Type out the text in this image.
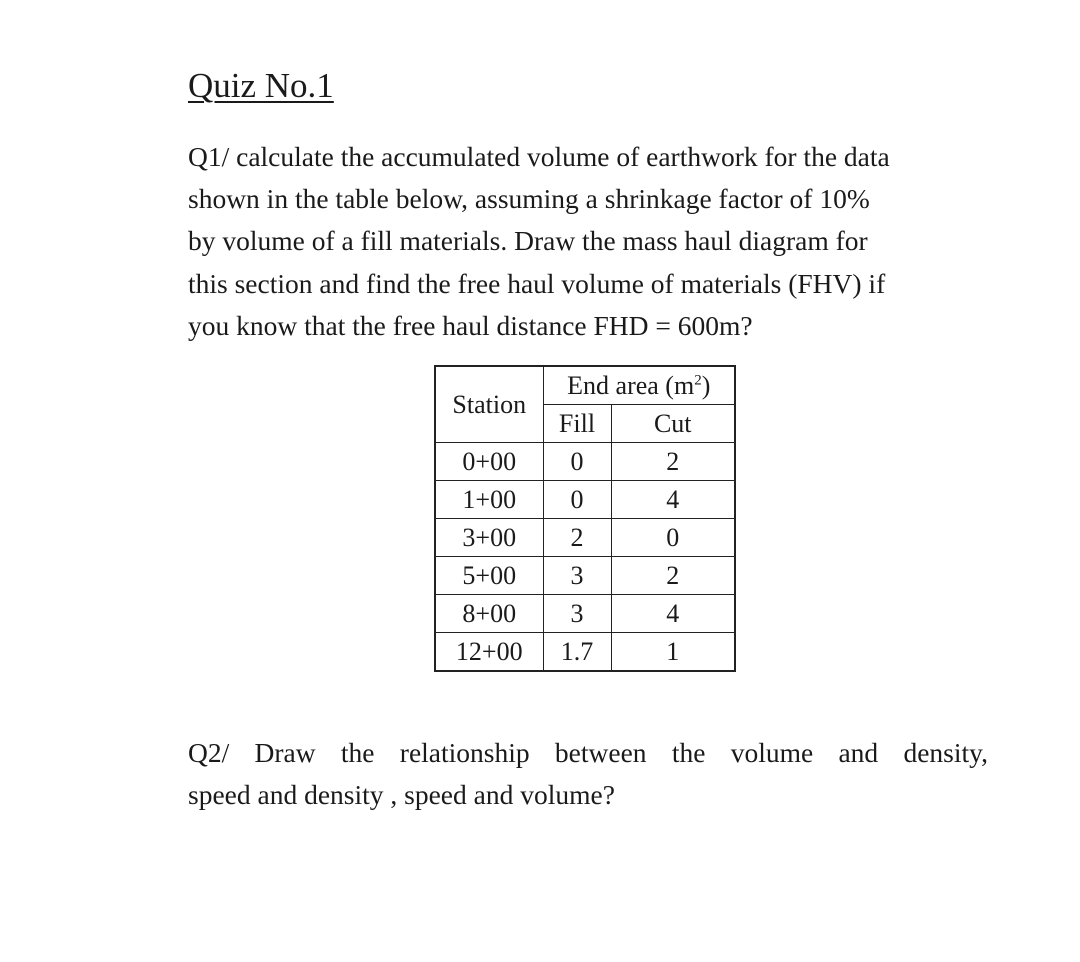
Quiz No.1

Q1/ calculate the accumulated volume of earthwork for the data
shown in the table below, assuming a shrinkage factor of 10%
by volume of a fill materials. Draw the mass haul diagram for
this section and find the free haul volume of materials (FHV) if
you know that the free haul distance FHD = 600m?

Station	End area $(m^2)$	
	Fill	Cut
0+00	0	2
1+00	0	4
3+00	2	0
5+00	3	2
8+00	3	4
12+00	1.7	1

Q2/ Draw the relationship between the volume and density,
speed and density , speed and volume?
